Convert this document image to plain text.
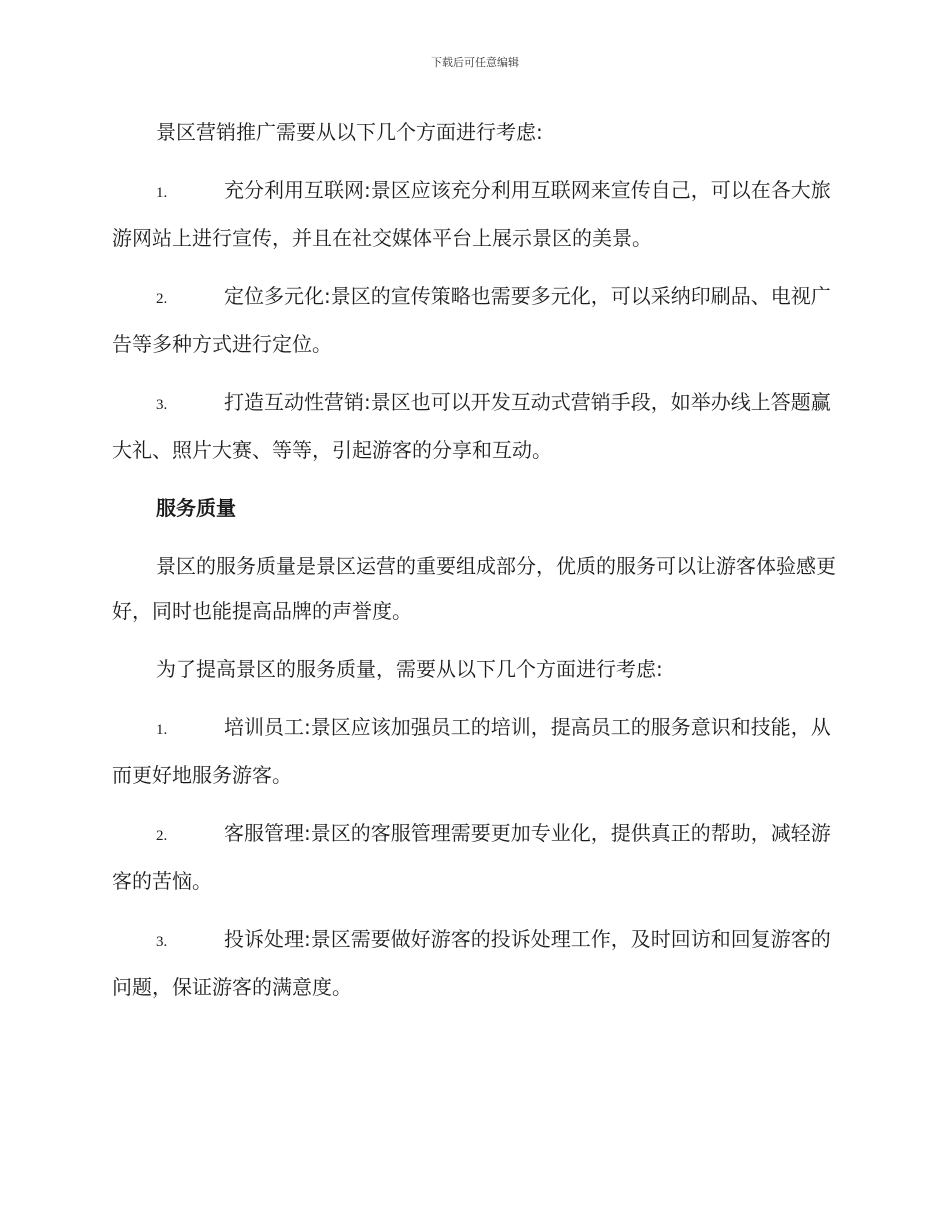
下载后可任意编辑

景区营销推广需要从以下几个方面进行考虑:

1.	充分利用互联网:景区应该充分利用互联网来宣传自己，可以在各大旅游网站上进行宣传，并且在社交媒体平台上展示景区的美景。

2.	定位多元化:景区的宣传策略也需要多元化，可以采纳印刷品、电视广告等多种方式进行定位。

3.	打造互动性营销:景区也可以开发互动式营销手段，如举办线上答题赢大礼、照片大赛、等等，引起游客的分享和互动。

服务质量

景区的服务质量是景区运营的重要组成部分，优质的服务可以让游客体验感更好，同时也能提高品牌的声誉度。

为了提高景区的服务质量，需要从以下几个方面进行考虑:

1.	培训员工:景区应该加强员工的培训，提高员工的服务意识和技能，从而更好地服务游客。

2.	客服管理:景区的客服管理需要更加专业化，提供真正的帮助，减轻游客的苦恼。

3.	投诉处理:景区需要做好游客的投诉处理工作，及时回访和回复游客的问题，保证游客的满意度。
